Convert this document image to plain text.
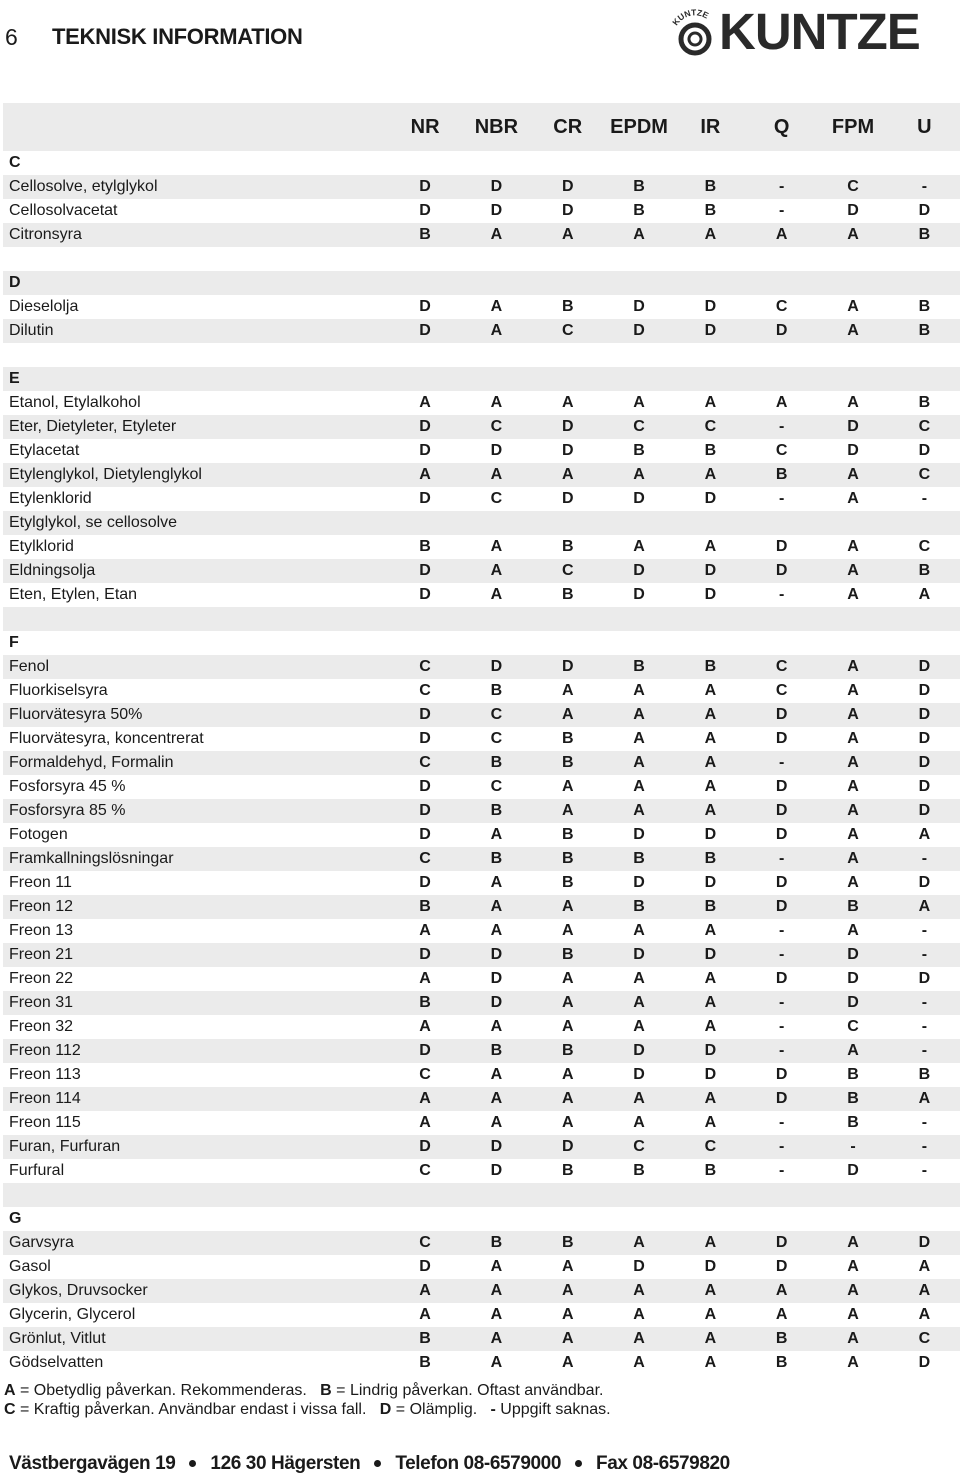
6 TEKNISK INFORMATION
KUNTZE KUNTZE
NR	NBR	CR	EPDM	IR	Q	FPM	U
C
Cellosolve, etylglykol	D	D	D	B	B	-	C	-
Cellosolvacetat	D	D	D	B	B	-	D	D
Citronsyra	B	A	A	A	A	A	A	B
D
Dieselolja	D	A	B	D	D	C	A	B
Dilutin	D	A	C	D	D	D	A	B
E
Etanol, Etylalkohol	A	A	A	A	A	A	A	B
Eter, Dietyleter, Etyleter	D	C	D	C	C	-	D	C
Etylacetat	D	D	D	B	B	C	D	D
Etylenglykol, Dietylenglykol	A	A	A	A	A	B	A	C
Etylenklorid	D	C	D	D	D	-	A	-
Etylglykol, se cellosolve
Etylklorid	B	A	B	A	A	D	A	C
Eldningsolja	D	A	C	D	D	D	A	B
Eten, Etylen, Etan	D	A	B	D	D	-	A	A
F
Fenol	C	D	D	B	B	C	A	D
Fluorkiselsyra	C	B	A	A	A	C	A	D
Fluorvätesyra 50%	D	C	A	A	A	D	A	D
Fluorvätesyra, koncentrerat	D	C	B	A	A	D	A	D
Formaldehyd, Formalin	C	B	B	A	A	-	A	D
Fosforsyra 45 %	D	C	A	A	A	D	A	D
Fosforsyra 85 %	D	B	A	A	A	D	A	D
Fotogen	D	A	B	D	D	D	A	A
Framkallningslösningar	C	B	B	B	B	-	A	-
Freon 11	D	A	B	D	D	D	A	D
Freon 12	B	A	A	B	B	D	B	A
Freon 13	A	A	A	A	A	-	A	-
Freon 21	D	D	B	D	D	-	D	-
Freon 22	A	D	A	A	A	D	D	D
Freon 31	B	D	A	A	A	-	D	-
Freon 32	A	A	A	A	A	-	C	-
Freon 112	D	B	B	D	D	-	A	-
Freon 113	C	A	A	D	D	D	B	B
Freon 114	A	A	A	A	A	D	B	A
Freon 115	A	A	A	A	A	-	B	-
Furan, Furfuran	D	D	D	C	C	-	-	-
Furfural	C	D	B	B	B	-	D	-
G
Garvsyra	C	B	B	A	A	D	A	D
Gasol	D	A	A	D	D	D	A	A
Glykos, Druvsocker	A	A	A	A	A	A	A	A
Glycerin, Glycerol	A	A	A	A	A	A	A	A
Grönlut, Vitlut	B	A	A	A	A	B	A	C
Gödselvatten	B	A	A	A	A	B	A	D
A = Obetydlig påverkan. Rekommenderas. B = Lindrig påverkan. Oftast användbar.
C = Kraftig påverkan. Användbar endast i vissa fall. D = Olämplig. - Uppgift saknas.
Västbergavägen 19 126 30 Hägersten Telefon 08-6579000 Fax 08-6579820
